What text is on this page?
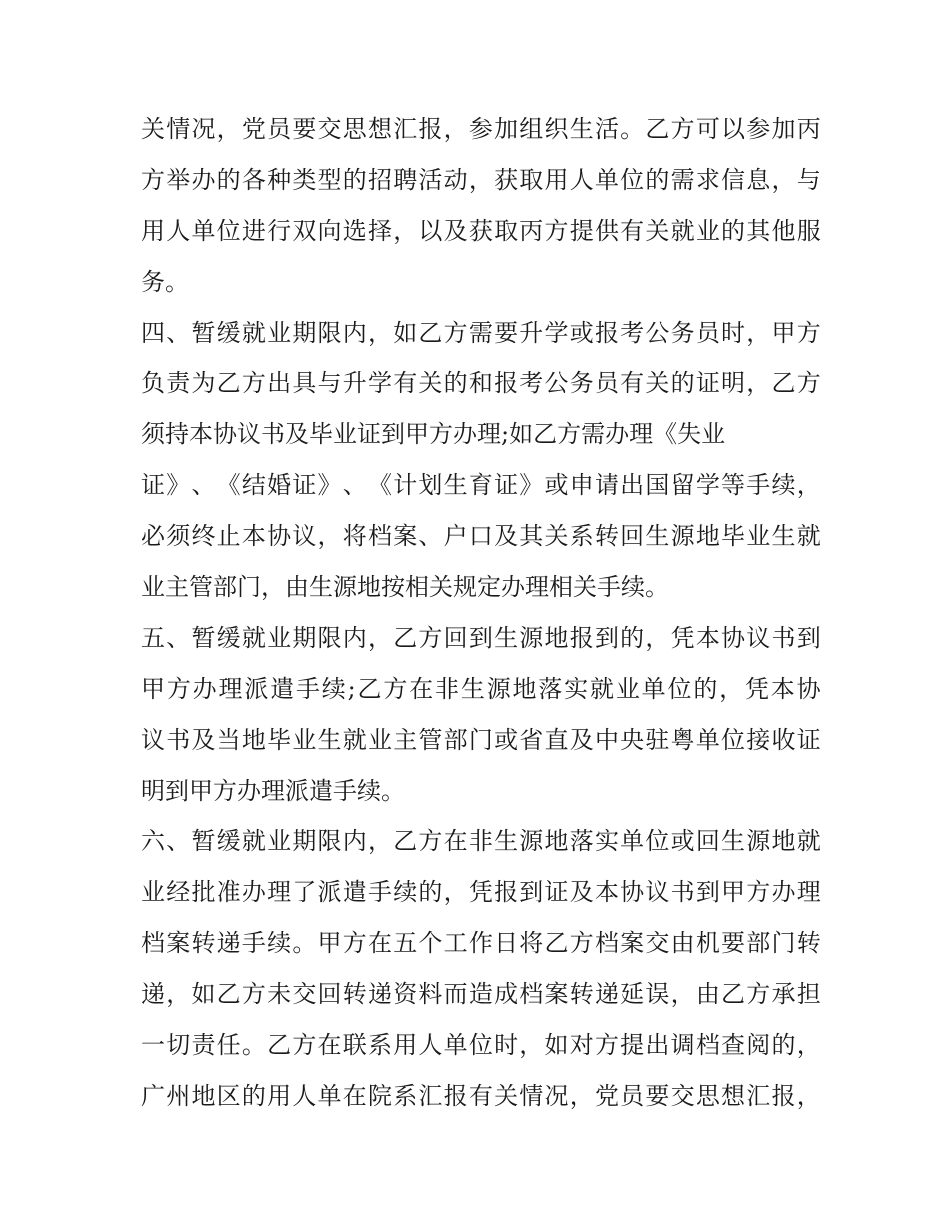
关 情 况 ， 党 员 要 交 思 想 汇 报 ， 参 加 组 织 生 活 。 乙 方 可 以 参 加 丙
方 举 办 的 各 种 类 型 的 招 聘 活 动 ， 获 取 用 人 单 位 的 需 求 信 息 ， 与
用 人 单 位 进 行 双 向 选 择 ， 以 及 获 取 丙 方 提 供 有 关 就 业 的 其 他 服
务。
四 、 暂 缓 就 业 期 限 内 ， 如 乙 方 需 要 升 学 或 报 考 公 务 员 时 ， 甲 方
负 责 为 乙 方 出 具 与 升 学 有 关 的 和 报 考 公 务 员 有 关 的 证 明 ， 乙 方
须持本协议书及毕业证到甲方办理;如乙方需办理《失业
证 》 、 《 结 婚 证 》 、 《 计 划 生 育 证 》 或 申 请 出 国 留 学 等 手 续 ，
必 须 终 止 本 协 议 ， 将 档 案 、 户 口 及 其 关 系 转 回 生 源 地 毕 业 生 就
业主管部门，由生源地按相关规定办理相关手续。
五 、 暂 缓 就 业 期 限 内 ， 乙 方 回 到 生 源 地 报 到 的 ， 凭 本 协 议 书 到
甲 方 办 理 派 遣 手 续 ; 乙 方 在 非 生 源 地 落 实 就 业 单 位 的 ， 凭 本 协
议 书 及 当 地 毕 业 生 就 业 主 管 部 门 或 省 直 及 中 央 驻 粤 单 位 接 收 证
明到甲方办理派遣手续。
六 、 暂 缓 就 业 期 限 内 ， 乙 方 在 非 生 源 地 落 实 单 位 或 回 生 源 地 就
业 经 批 准 办 理 了 派 遣 手 续 的 ， 凭 报 到 证 及 本 协 议 书 到 甲 方 办 理
档 案 转 递 手 续 。 甲 方 在 五 个 工 作 日 将 乙 方 档 案 交 由 机 要 部 门 转
递 ， 如 乙 方 未 交 回 转 递 资 料 而 造 成 档 案 转 递 延 误 ， 由 乙 方 承 担
一 切 责 任 。 乙 方 在 联 系 用 人 单 位 时 ， 如 对 方 提 出 调 档 查 阅 的 ，
广 州 地 区 的 用 人 单 在 院 系 汇 报 有 关 情 况 ， 党 员 要 交 思 想 汇 报 ，
